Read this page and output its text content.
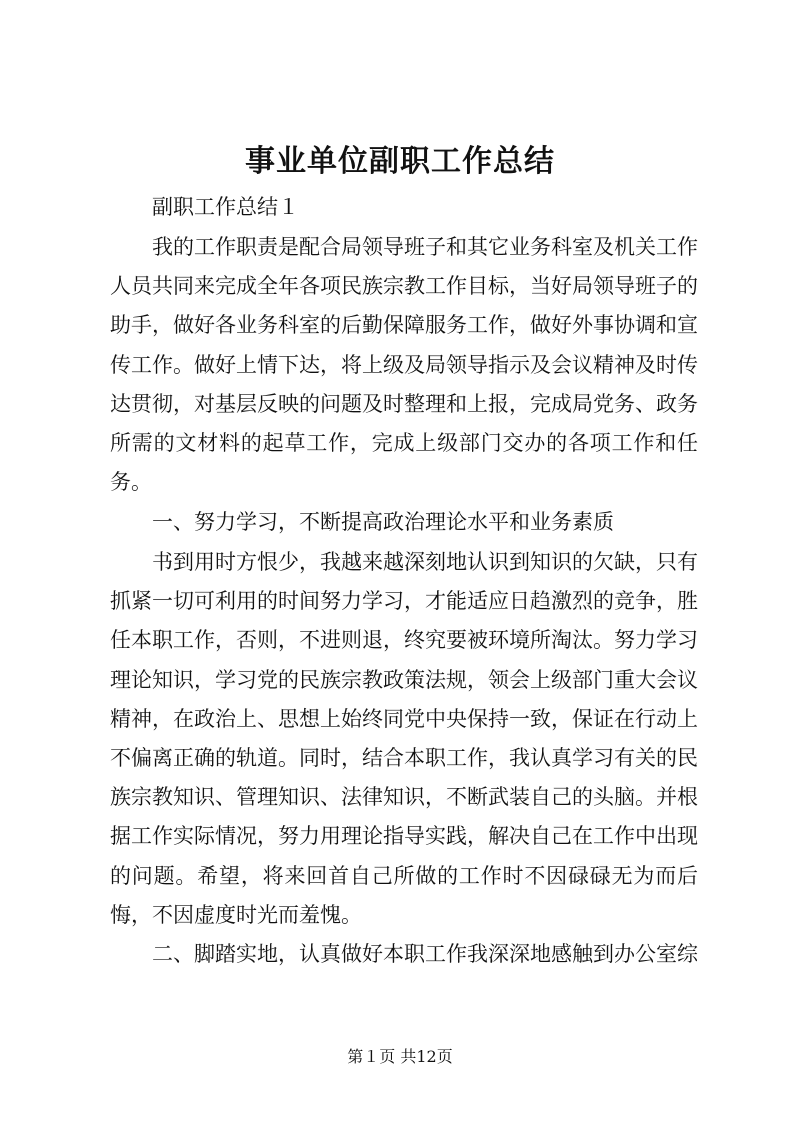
事业单位副职工作总结

副职工作总结１

我的工作职责是配合局领导班子和其它业务科室及机关工作人员共同来完成全年各项民族宗教工作目标，当好局领导班子的助手，做好各业务科室的后勤保障服务工作，做好外事协调和宣传工作。做好上情下达，将上级及局领导指示及会议精神及时传达贯彻，对基层反映的问题及时整理和上报，完成局党务、政务所需的文材料的起草工作，完成上级部门交办的各项工作和任务。

一、努力学习，不断提高政治理论水平和业务素质

书到用时方恨少，我越来越深刻地认识到知识的欠缺，只有抓紧一切可利用的时间努力学习，才能适应日趋激烈的竞争，胜任本职工作，否则，不进则退，终究要被环境所淘汰。努力学习理论知识，学习党的民族宗教政策法规，领会上级部门重大会议精神，在政治上、思想上始终同党中央保持一致，保证在行动上不偏离正确的轨道。同时，结合本职工作，我认真学习有关的民族宗教知识、管理知识、法律知识，不断武装自己的头脑。并根据工作实际情况，努力用理论指导实践，解决自己在工作中出现的问题。希望，将来回首自己所做的工作时不因碌碌无为而后悔，不因虚度时光而羞愧。

二、脚踏实地，认真做好本职工作我深深地感触到办公室综

第１页 共12页
